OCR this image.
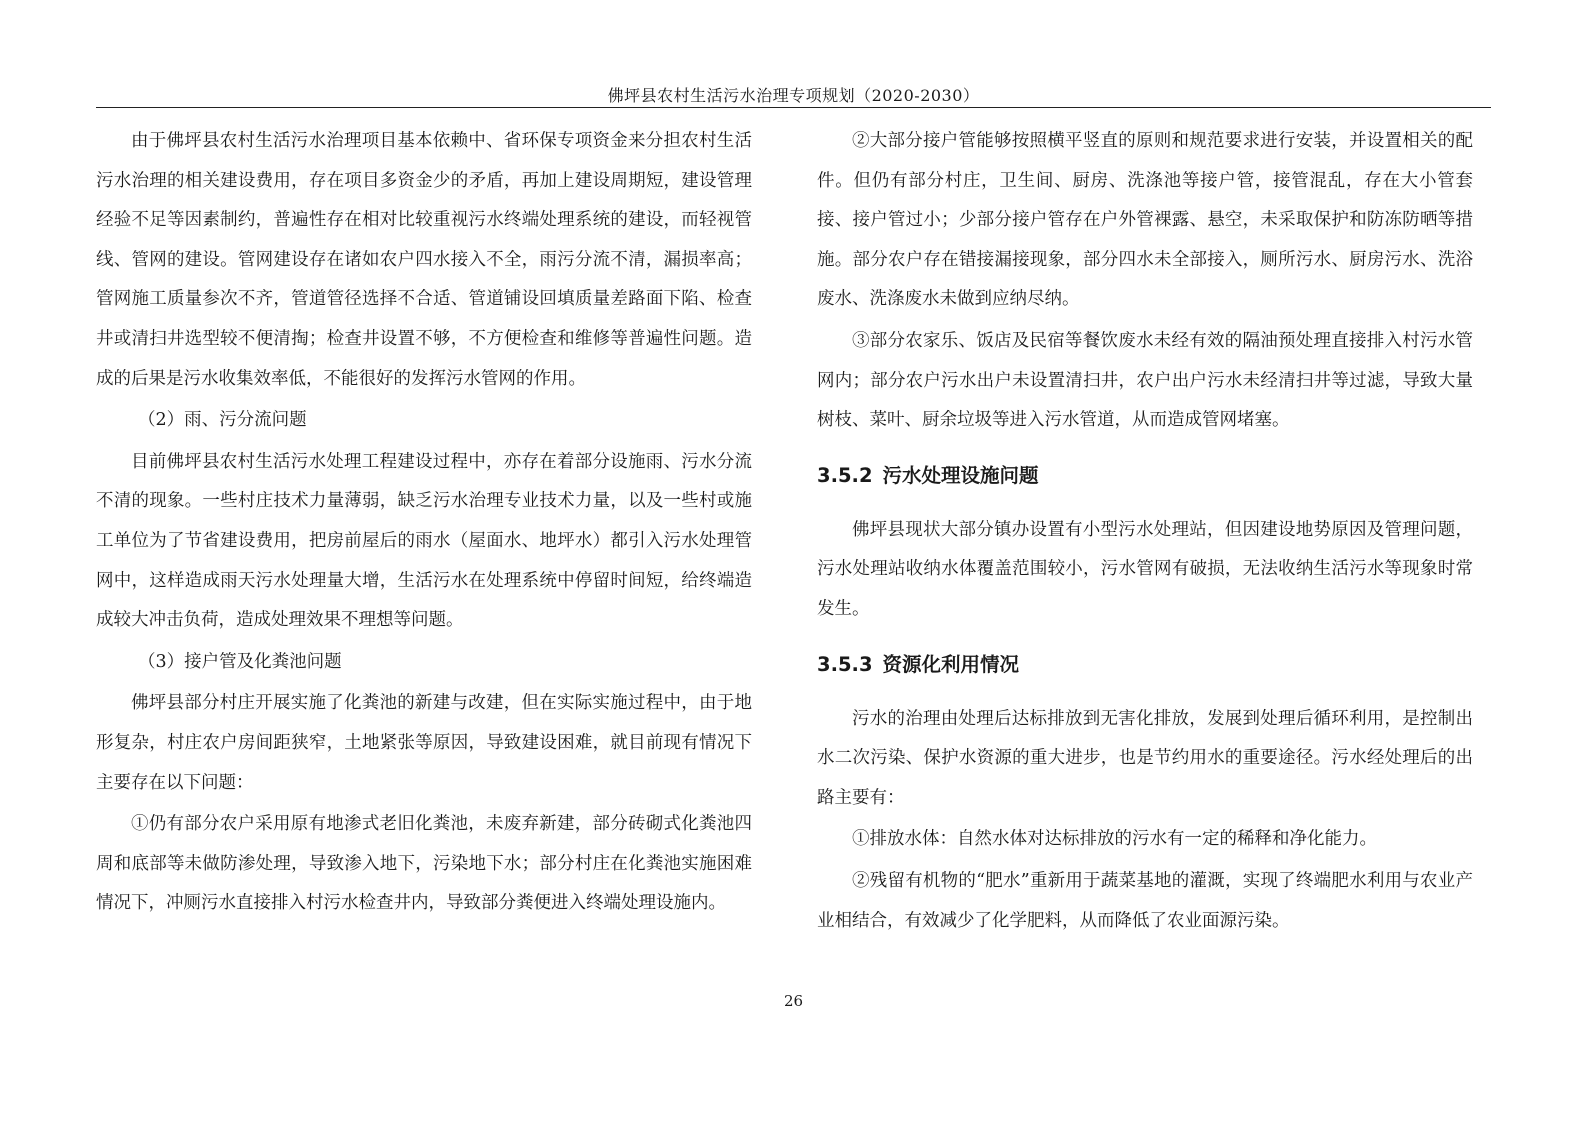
佛坪县农村生活污水治理专项规划（2020-2030）

由于佛坪县农村生活污水治理项目基本依赖中、省环保专项资金来分担农村生活污水治理的相关建设费用，存在项目多资金少的矛盾，再加上建设周期短，建设管理经验不足等因素制约，普遍性存在相对比较重视污水终端处理系统的建设，而轻视管线、管网的建设。管网建设存在诸如农户四水接入不全，雨污分流不清，漏损率高；管网施工质量参次不齐，管道管径选择不合适、管道铺设回填质量差路面下陷、检查井或清扫井选型较不便清掏；检查井设置不够，不方便检查和维修等普遍性问题。造成的后果是污水收集效率低，不能很好的发挥污水管网的作用。

（2）雨、污分流问题

目前佛坪县农村生活污水处理工程建设过程中，亦存在着部分设施雨、污水分流不清的现象。一些村庄技术力量薄弱，缺乏污水治理专业技术力量，以及一些村或施工单位为了节省建设费用，把房前屋后的雨水（屋面水、地坪水）都引入污水处理管网中，这样造成雨天污水处理量大增，生活污水在处理系统中停留时间短，给终端造成较大冲击负荷，造成处理效果不理想等问题。

（3）接户管及化粪池问题

佛坪县部分村庄开展实施了化粪池的新建与改建，但在实际实施过程中，由于地形复杂，村庄农户房间距狭窄，土地紧张等原因，导致建设困难，就目前现有情况下主要存在以下问题：

①仍有部分农户采用原有地渗式老旧化粪池，未废弃新建，部分砖砌式化粪池四周和底部等未做防渗处理，导致渗入地下，污染地下水；部分村庄在化粪池实施困难情况下，冲厕污水直接排入村污水检查井内，导致部分粪便进入终端处理设施内。

②大部分接户管能够按照横平竖直的原则和规范要求进行安装，并设置相关的配件。但仍有部分村庄，卫生间、厨房、洗涤池等接户管，接管混乱，存在大小管套接、接户管过小；少部分接户管存在户外管裸露、悬空，未采取保护和防冻防晒等措施。部分农户存在错接漏接现象，部分四水未全部接入，厕所污水、厨房污水、洗浴废水、洗涤废水未做到应纳尽纳。

③部分农家乐、饭店及民宿等餐饮废水未经有效的隔油预处理直接排入村污水管网内；部分农户污水出户未设置清扫井，农户出户污水未经清扫井等过滤，导致大量树枝、菜叶、厨余垃圾等进入污水管道，从而造成管网堵塞。

3.5.2 污水处理设施问题

佛坪县现状大部分镇办设置有小型污水处理站，但因建设地势原因及管理问题，污水处理站收纳水体覆盖范围较小，污水管网有破损，无法收纳生活污水等现象时常发生。

3.5.3 资源化利用情况

污水的治理由处理后达标排放到无害化排放，发展到处理后循环利用，是控制出水二次污染、保护水资源的重大进步，也是节约用水的重要途径。污水经处理后的出路主要有：

①排放水体：自然水体对达标排放的污水有一定的稀释和净化能力。

②残留有机物的“肥水”重新用于蔬菜基地的灌溉，实现了终端肥水利用与农业产业相结合，有效减少了化学肥料，从而降低了农业面源污染。

26
